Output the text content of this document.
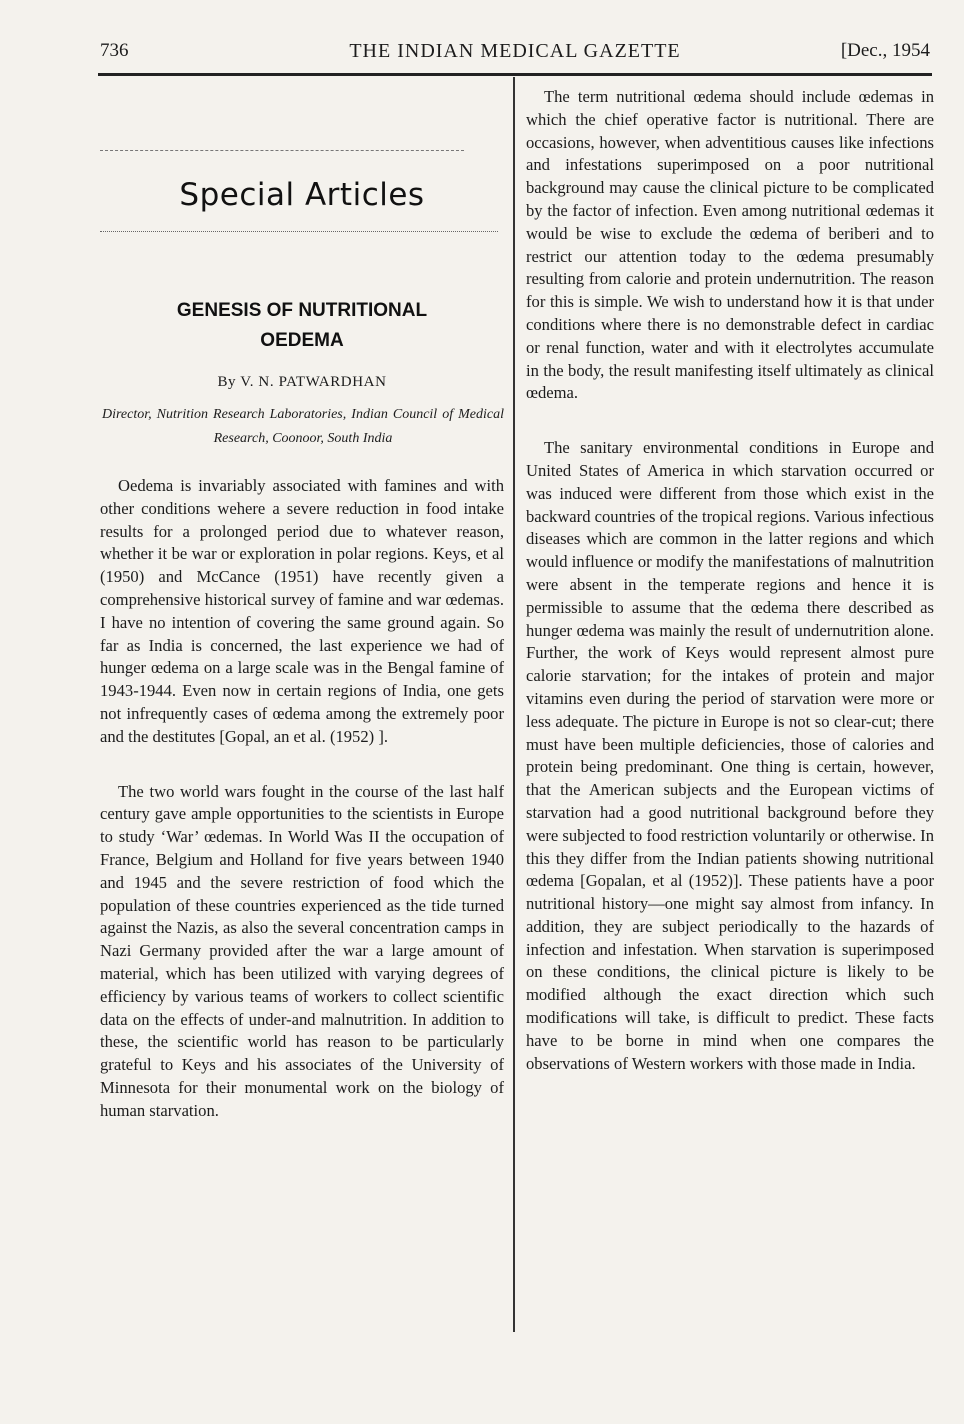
736	THE INDIAN MEDICAL GAZETTE	[Dec., 1954
Special Articles
GENESIS OF NUTRITIONAL
OEDEMA
By V. N. PATWARDHAN
Director, Nutrition Research Laboratories, Indian Council of Medical Research, Coonoor, South India

Oedema is invariably associated with famines and with other conditions wehere a severe reduction in food intake results for a prolonged period due to whatever reason, whether it be war or exploration in polar regions. Keys, et al (1950) and McCance (1951) have recently given a comprehensive historical survey of famine and war œdemas. I have no intention of covering the same ground again. So far as India is concerned, the last experience we had of hunger œdema on a large scale was in the Bengal famine of 1943-1944. Even now in certain regions of India, one gets not infrequently cases of œdema among the extremely poor and the destitutes [Gopal, an et al. (1952) ].

The two world wars fought in the course of the last half century gave ample opportunities to the scientists in Europe to study ‘War’ œdemas. In World Was II the occupation of France, Belgium and Holland for five years between 1940 and 1945 and the severe restriction of food which the population of these countries experienced as the tide turned against the Nazis, as also the several concentration camps in Nazi Germany provided after the war a large amount of material, which has been utilized with varying degrees of efficiency by various teams of workers to collect scientific data on the effects of under-and malnutrition. In addition to these, the scientific world has reason to be particularly grateful to Keys and his associates of the University of Minnesota for their monumental work on the biology of human starvation.

The term nutritional œdema should include œdemas in which the chief operative factor is nutritional. There are occasions, however, when adventitious causes like infections and infestations superimposed on a poor nutritional background may cause the clinical picture to be complicated by the factor of infection. Even among nutritional œdemas it would be wise to exclude the œdema of beriberi and to restrict our attention today to the œdema presumably resulting from calorie and protein undernutrition. The reason for this is simple. We wish to understand how it is that under conditions where there is no demonstrable defect in cardiac or renal function, water and with it electrolytes accumulate in the body, the result manifesting itself ultimately as clinical œdema.

The sanitary environmental conditions in Europe and United States of America in which starvation occurred or was induced were different from those which exist in the backward countries of the tropical regions. Various infectious diseases which are common in the latter regions and which would influence or modify the manifestations of malnutrition were absent in the temperate regions and hence it is permissible to assume that the œdema there described as hunger œdema was mainly the result of undernutrition alone. Further, the work of Keys would represent almost pure calorie starvation; for the intakes of protein and major vitamins even during the period of starvation were more or less adequate. The picture in Europe is not so clear-cut; there must have been multiple deficiencies, those of calories and protein being predominant. One thing is certain, however, that the American subjects and the European victims of starvation had a good nutritional background before they were subjected to food restriction voluntarily or otherwise. In this they differ from the Indian patients showing nutritional œdema [Gopalan, et al (1952)]. These patients have a poor nutritional history—one might say almost from infancy. In addition, they are subject periodically to the hazards of infection and infestation. When starvation is superimposed on these conditions, the clinical picture is likely to be modified although the exact direction which such modifications will take, is difficult to predict. These facts have to be borne in mind when one compares the observations of Western workers with those made in India.
